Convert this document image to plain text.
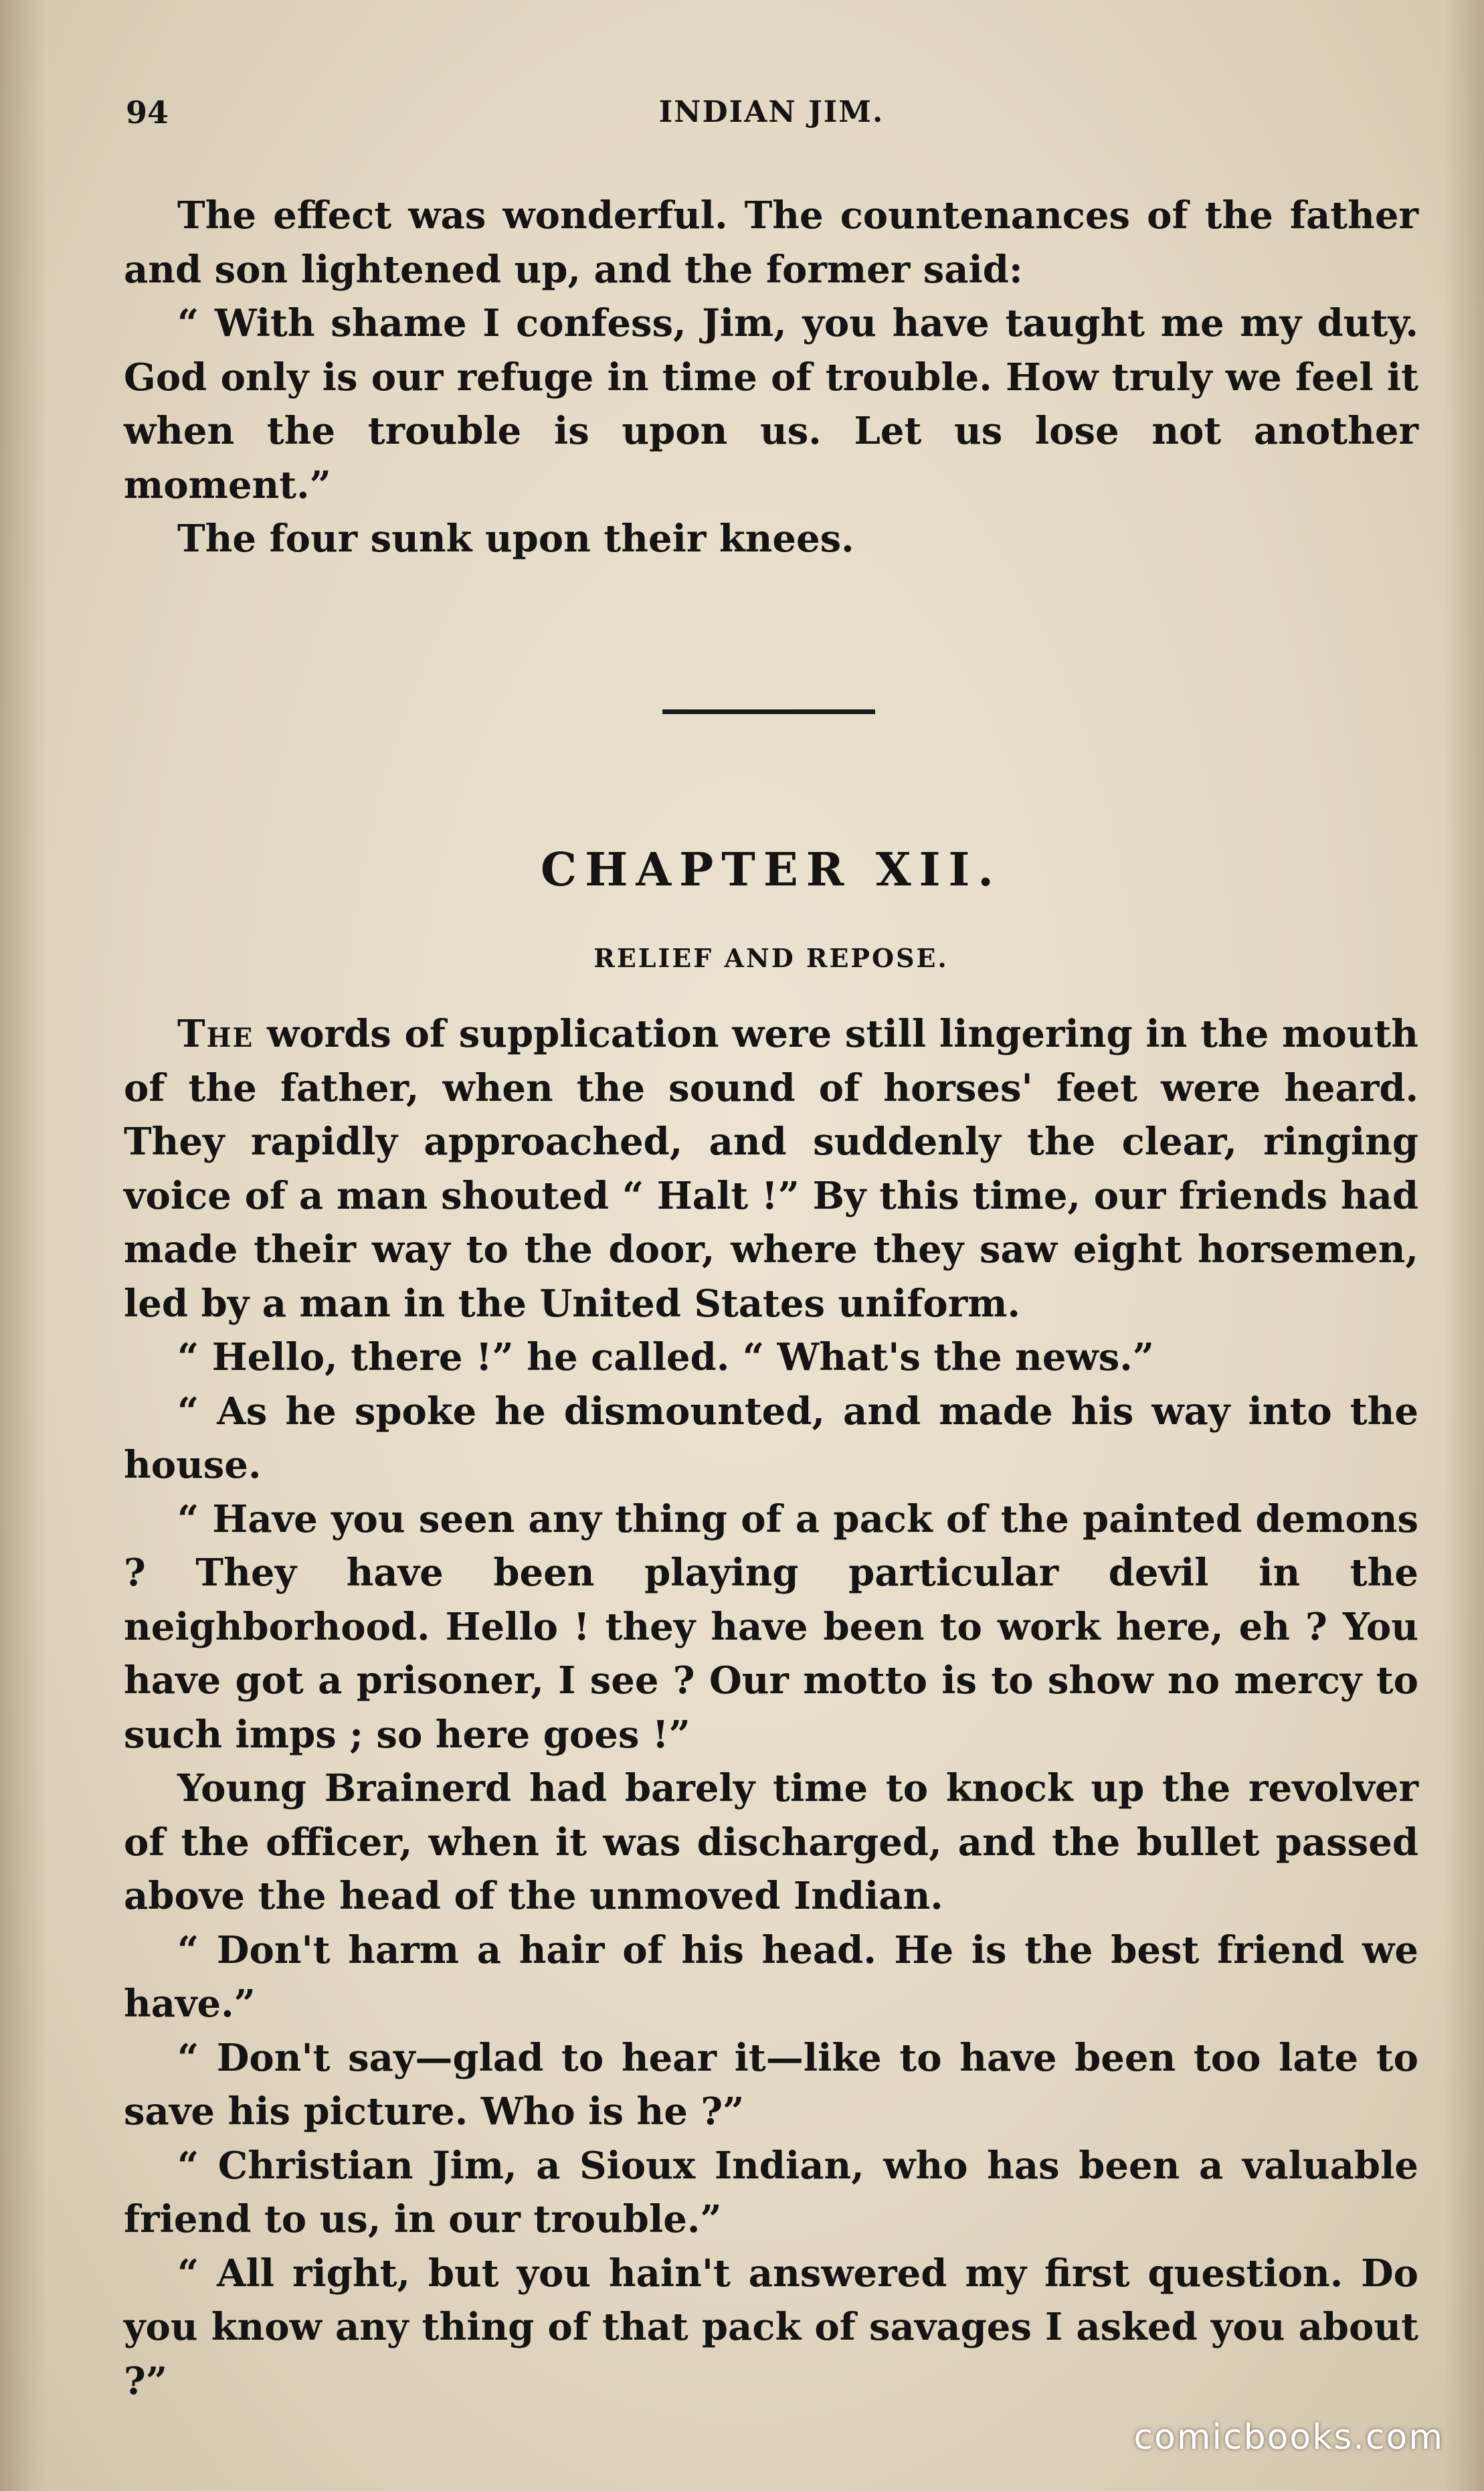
94	INDIAN JIM.

The effect was wonderful. The countenances of the father and son lightened up, and the former said:

“ With shame I confess, Jim, you have taught me my duty. God only is our refuge in time of trouble. How truly we feel it when the trouble is upon us. Let us lose not another moment.”

The four sunk upon their knees.

CHAPTER XII.
RELIEF AND REPOSE.

The words of supplication were still lingering in the mouth of the father, when the sound of horses' feet were heard. They rapidly approached, and suddenly the clear, ringing voice of a man shouted “ Halt !” By this time, our friends had made their way to the door, where they saw eight horsemen, led by a man in the United States uniform.

“ Hello, there !” he called. “ What's the news.”

“ As he spoke he dismounted, and made his way into the house.

“ Have you seen any thing of a pack of the painted demons ? They have been playing particular devil in the neighborhood. Hello ! they have been to work here, eh ? You have got a prisoner, I see ? Our motto is to show no mercy to such imps ; so here goes !”

Young Brainerd had barely time to knock up the revolver of the officer, when it was discharged, and the bullet passed above the head of the unmoved Indian.

“ Don't harm a hair of his head. He is the best friend we have.”

“ Don't say—glad to hear it—like to have been too late to save his picture. Who is he ?”

“ Christian Jim, a Sioux Indian, who has been a valuable friend to us, in our trouble.”

“ All right, but you hain't answered my first question. Do you know any thing of that pack of savages I asked you about ?”

comicbooks.com
